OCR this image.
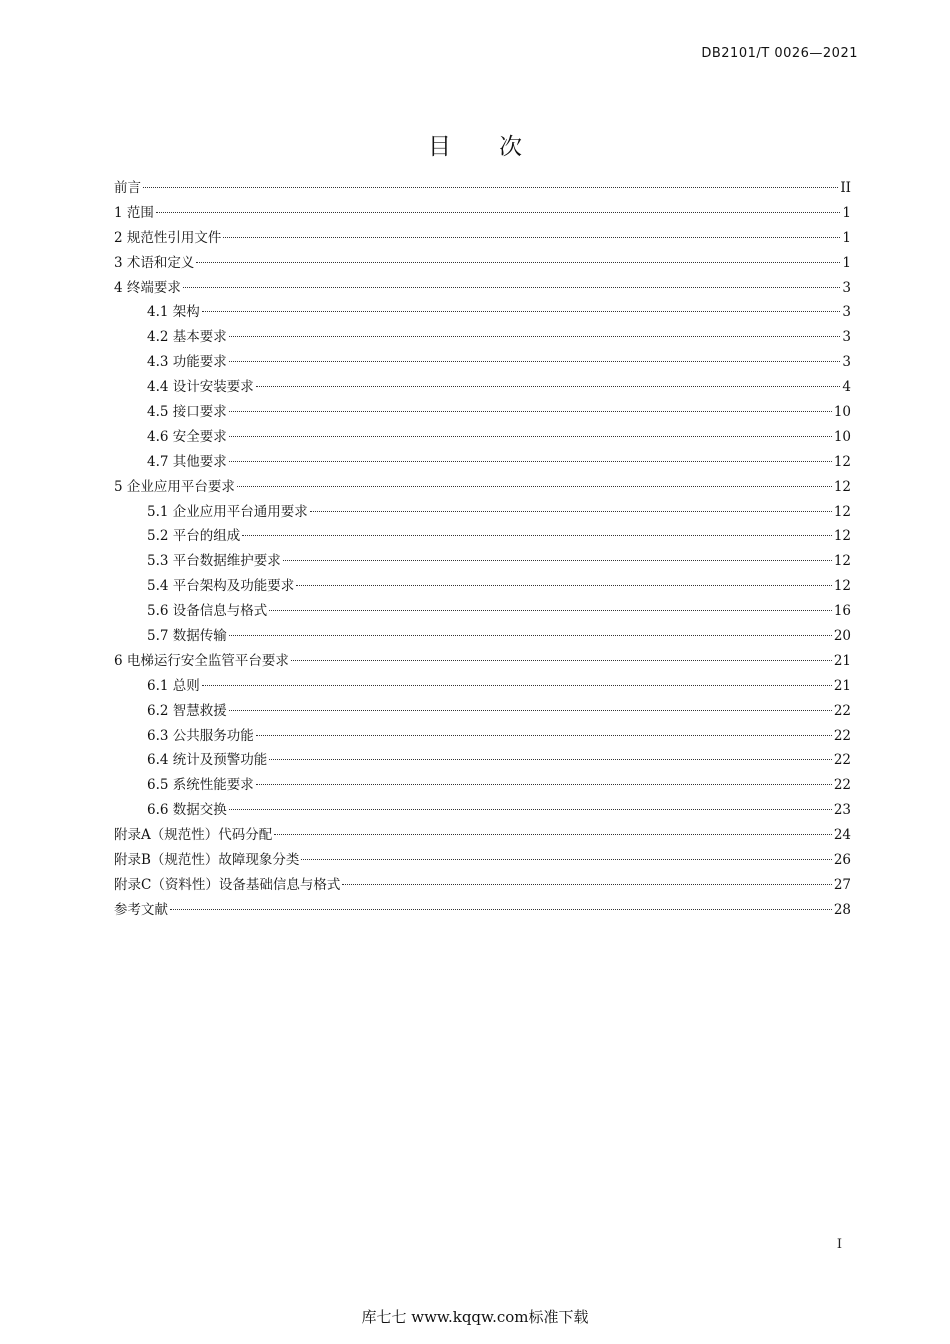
DB2101/T 0026—2021
目次
前言	II
1 范围	1
2 规范性引用文件	1
3 术语和定义	1
4 终端要求	3
4.1 架构	3
4.2 基本要求	3
4.3 功能要求	3
4.4 设计安装要求	4
4.5 接口要求	10
4.6 安全要求	10
4.7 其他要求	12
5 企业应用平台要求	12
5.1 企业应用平台通用要求	12
5.2 平台的组成	12
5.3 平台数据维护要求	12
5.4 平台架构及功能要求	12
5.6 设备信息与格式	16
5.7 数据传输	20
6 电梯运行安全监管平台要求	21
6.1 总则	21
6.2 智慧救援	22
6.3 公共服务功能	22
6.4 统计及预警功能	22
6.5 系统性能要求	22
6.6 数据交换	23
附录A（规范性）代码分配	24
附录B（规范性）故障现象分类	26
附录C（资料性）设备基础信息与格式	27
参考文献	28
I
库七七 www.kqqw.com标准下载
